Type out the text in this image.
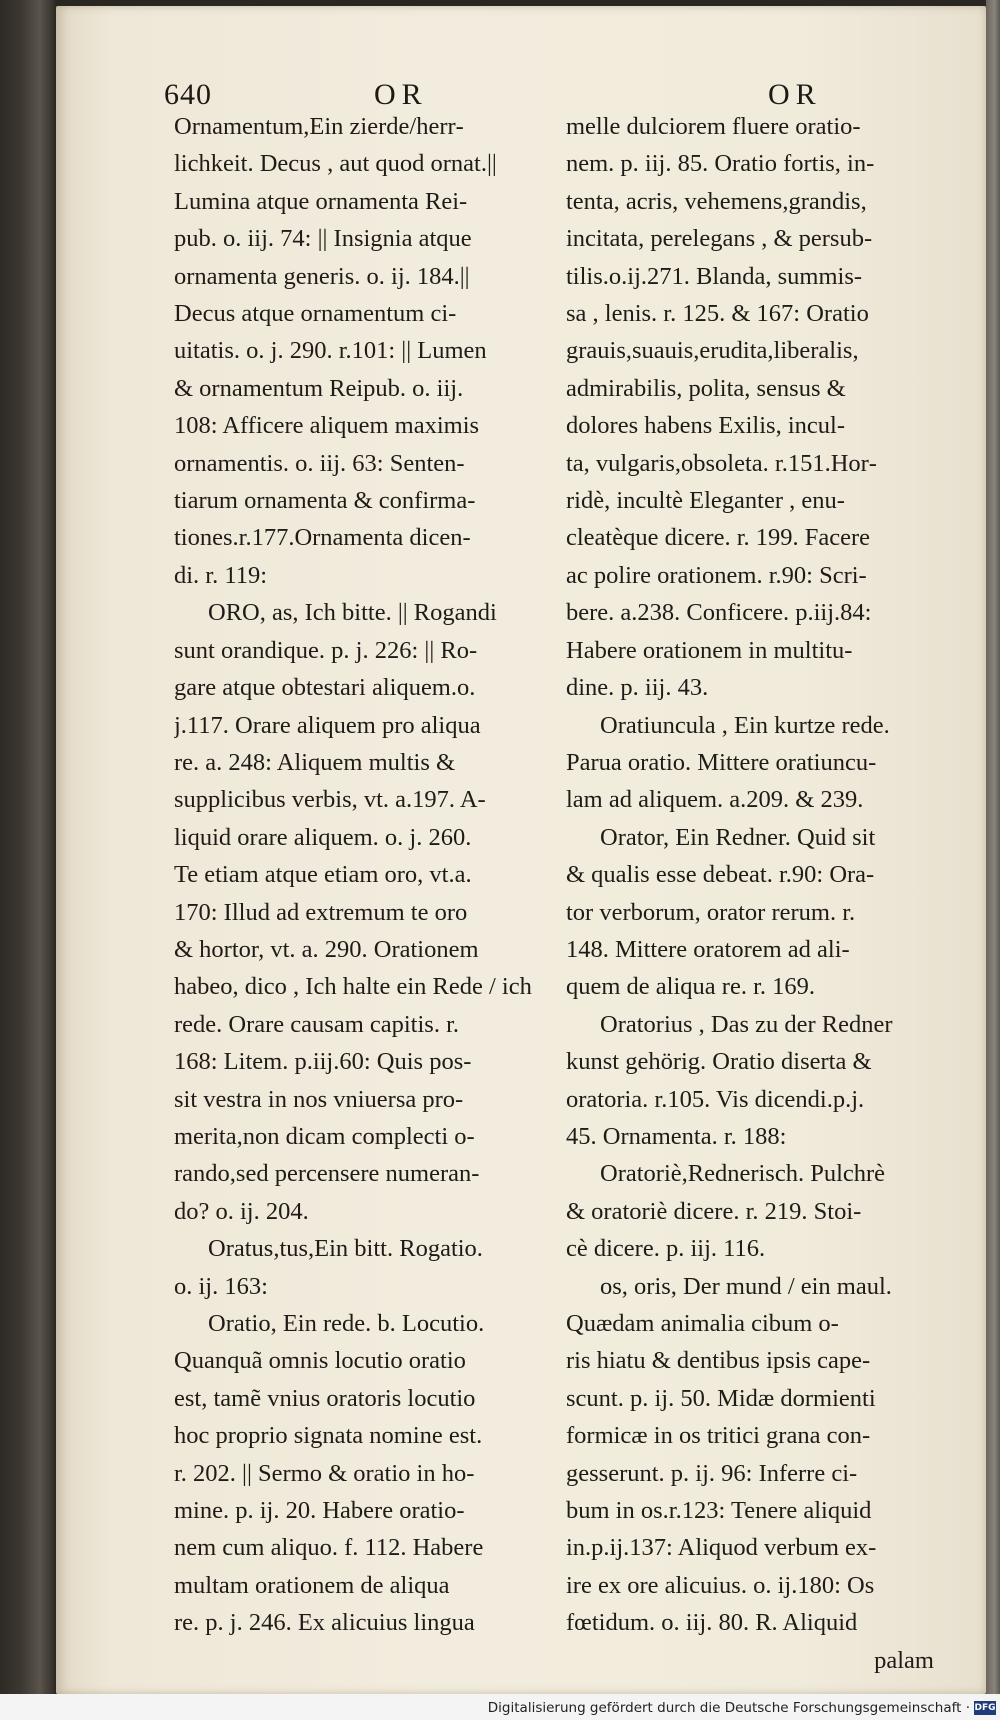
640	OR	OR
Ornamentum,Ein zierde/herr‐
lichkeit. Decus , aut quod ornat.||
Lumina atque ornamenta Rei‐
pub. o. iij. 74: || Insignia atque
ornamenta generis. o. ij. 184.||
Decus atque ornamentum ci‐
uitatis. o. j. 290. r.101: || Lumen
& ornamentum Reipub. o. iij.
108: Afficere aliquem maximis
ornamentis. o. iij. 63: Senten‐
tiarum ornamenta & confirma‐
tiones.r.177.Ornamenta dicen‐
di. r. 119:
ORO, as, Ich bitte. || Rogandi
sunt orandique. p. j. 226: || Ro‐
gare atque obtestari aliquem.o.
j.117. Orare aliquem pro aliqua
re. a. 248: Aliquem multis &
supplicibus verbis, vt. a.197. A‐
liquid orare aliquem. o. j. 260.
Te etiam atque etiam oro, vt.a.
170: Illud ad extremum te oro
& hortor, vt. a. 290. Orationem
habeo, dico , Ich halte ein Rede / ich
rede. Orare causam capitis. r.
168: Litem. p.iij.60: Quis pos‐
sit vestra in nos vniuersa pro‐
merita,non dicam complecti o‐
rando,sed percensere numeran‐
do? o. ij. 204.
Oratus,tus,Ein bitt. Rogatio.
o. ij. 163:
Oratio, Ein rede. b. Locutio.
Quanquã omnis locutio oratio
est, tamẽ vnius oratoris locutio
hoc proprio signata nomine est.
r. 202. || Sermo & oratio in ho‐
mine. p. ij. 20. Habere oratio‐
nem cum aliquo. f. 112. Habere
multam orationem de aliqua
re. p. j. 246. Ex alicuius lingua
melle dulciorem fluere oratio‐
nem. p. iij. 85. Oratio fortis, in‐
tenta, acris, vehemens,grandis,
incitata, perelegans , & persub‐
tilis.o.ij.271. Blanda, summis‐
sa , lenis. r. 125. & 167: Oratio
grauis,suauis,erudita,liberalis,
admirabilis, polita, sensus &
dolores habens Exilis, incul‐
ta, vulgaris,obsoleta. r.151.Hor‐
ridè, incultè Eleganter , enu‐
cleatèque dicere. r. 199. Facere
ac polire orationem. r.90: Scri‐
bere. a.238. Conficere. p.iij.84:
Habere orationem in multitu‐
dine. p. iij. 43.
Oratiuncula , Ein kurtze rede.
Parua oratio. Mittere oratiuncu‐
lam ad aliquem. a.209. & 239.
Orator, Ein Redner. Quid sit
& qualis esse debeat. r.90: Ora‐
tor verborum, orator rerum. r.
148. Mittere oratorem ad ali‐
quem de aliqua re. r. 169.
Oratorius , Das zu der Redner
kunst gehörig. Oratio diserta &
oratoria. r.105. Vis dicendi.p.j.
45. Ornamenta. r. 188:
Oratoriè,Rednerisch. Pulchrè
& oratoriè dicere. r. 219. Stoi‐
cè dicere. p. iij. 116.
os, oris, Der mund / ein maul.
Quædam animalia cibum o‐
ris hiatu & dentibus ipsis cape‐
scunt. p. ij. 50. Midæ dormienti
formicæ in os tritici grana con‐
gesserunt. p. ij. 96: Inferre ci‐
bum in os.r.123: Tenere aliquid
in.p.ij.137: Aliquod verbum ex‐
ire ex ore alicuius. o. ij.180: Os
fœtidum. o. iij. 80. R. Aliquid
palam
Digitalisierung gefördert durch die Deutsche Forschungsgemeinschaft · DFG
